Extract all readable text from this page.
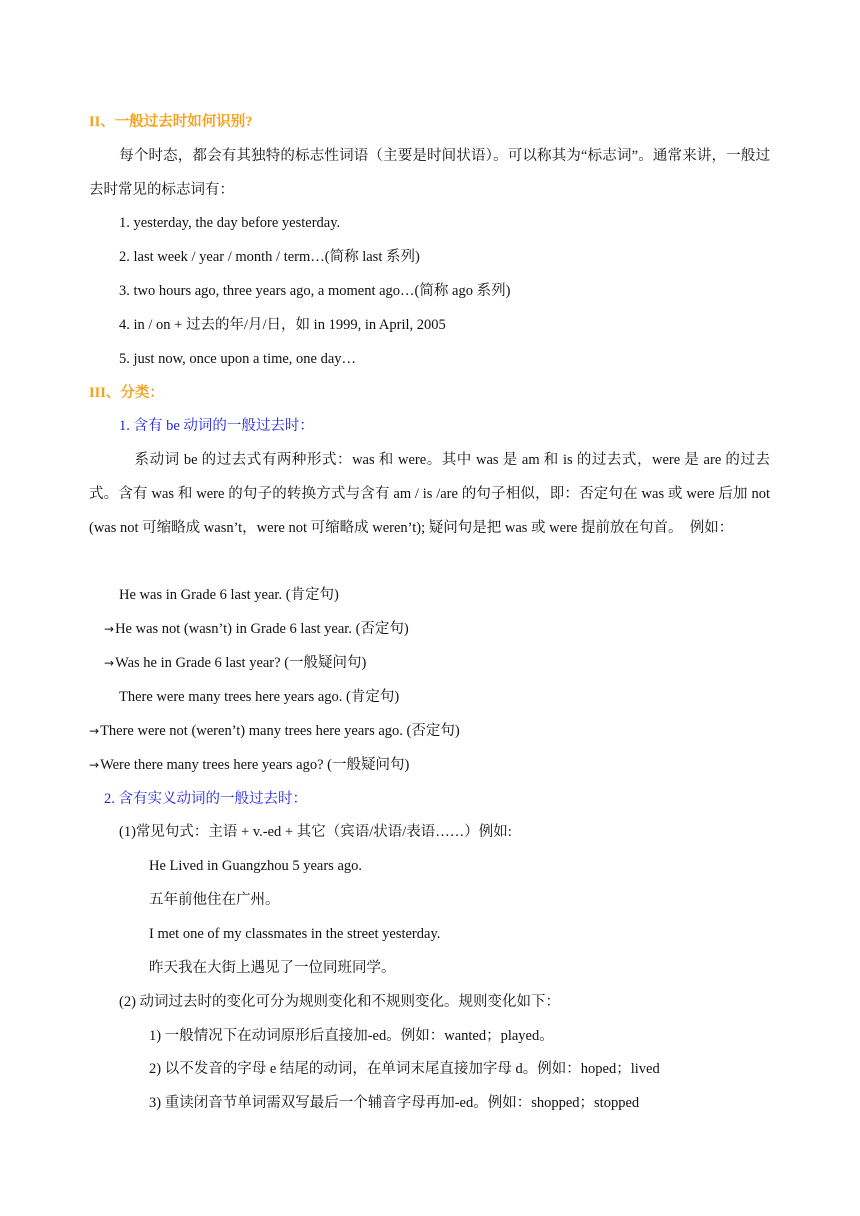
II、一般过去时如何识别?
每个时态，都会有其独特的标志性词语（主要是时间状语）。可以称其为“标志词”。通常来讲，一般过去时常见的标志词有：
1. yesterday, the day before yesterday.
2. last week / year / month / term…(简称 last 系列)
3. two hours ago, three years ago, a moment ago…(简称 ago 系列)
4. in / on + 过去的年/月/日，如 in 1999, in April, 2005
5. just now, once upon a time, one day…
III、分类：
1. 含有 be 动词的一般过去时：
系动词 be 的过去式有两种形式：was 和 were。其中 was 是 am 和 is 的过去式，were 是 are 的过去式。含有 was 和 were 的句子的转换方式与含有 am / is /are 的句子相似，即：否定句在 was 或 were 后加 not (was not 可缩略成 wasn’t，were not 可缩略成 weren’t); 疑问句是把 was 或 were 提前放在句首。　例如：
He was in Grade 6 last year. (肯定句)
→He was not (wasn’t) in Grade 6 last year. (否定句)
→Was he in Grade 6 last year? (一般疑问句)
There were many trees here years ago. (肯定句)
→There were not (weren’t) many trees here years ago. (否定句)
→Were there many trees here years ago? (一般疑问句)
2. 含有实义动词的一般过去时：
(1)常见句式：主语 + v.-ed + 其它（宾语/状语/表语……）例如:
He Lived in Guangzhou 5 years ago.
五年前他住在广州。
I met one of my classmates in the street yesterday.
昨天我在大街上遇见了一位同班同学。
(2) 动词过去时的变化可分为规则变化和不规则变化。规则变化如下：
1) 一般情况下在动词原形后直接加-ed。例如：wanted；played。
2) 以不发音的字母 e 结尾的动词，在单词末尾直接加字母 d。例如：hoped；lived
3) 重读闭音节单词需双写最后一个辅音字母再加-ed。例如：shopped；stopped
